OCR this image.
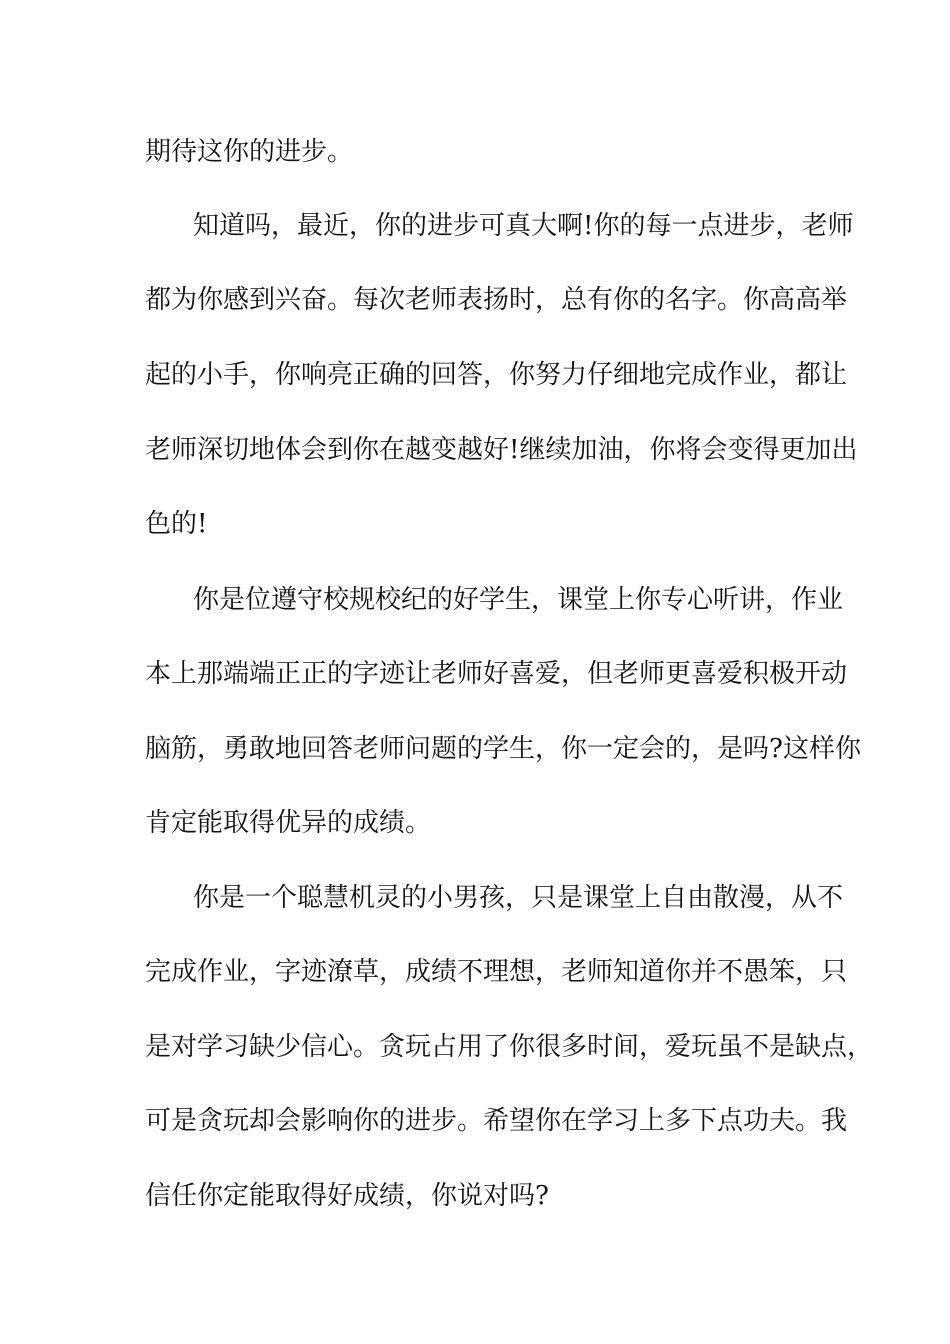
期待这你的进步。

知道吗，最近，你的进步可真大啊!你的每一点进步，老师

都为你感到兴奋。每次老师表扬时，总有你的名字。你高高举

起的小手，你响亮正确的回答，你努力仔细地完成作业，都让

老师深切地体会到你在越变越好!继续加油，你将会变得更加出

色的!

你是位遵守校规校纪的好学生，课堂上你专心听讲，作业

本上那端端正正的字迹让老师好喜爱，但老师更喜爱积极开动

脑筋，勇敢地回答老师问题的学生，你一定会的，是吗?这样你

肯定能取得优异的成绩。

你是一个聪慧机灵的小男孩，只是课堂上自由散漫，从不

完成作业，字迹潦草，成绩不理想，老师知道你并不愚笨，只

是对学习缺少信心。贪玩占用了你很多时间，爱玩虽不是缺点，

可是贪玩却会影响你的进步。希望你在学习上多下点功夫。我

信任你定能取得好成绩，你说对吗?
